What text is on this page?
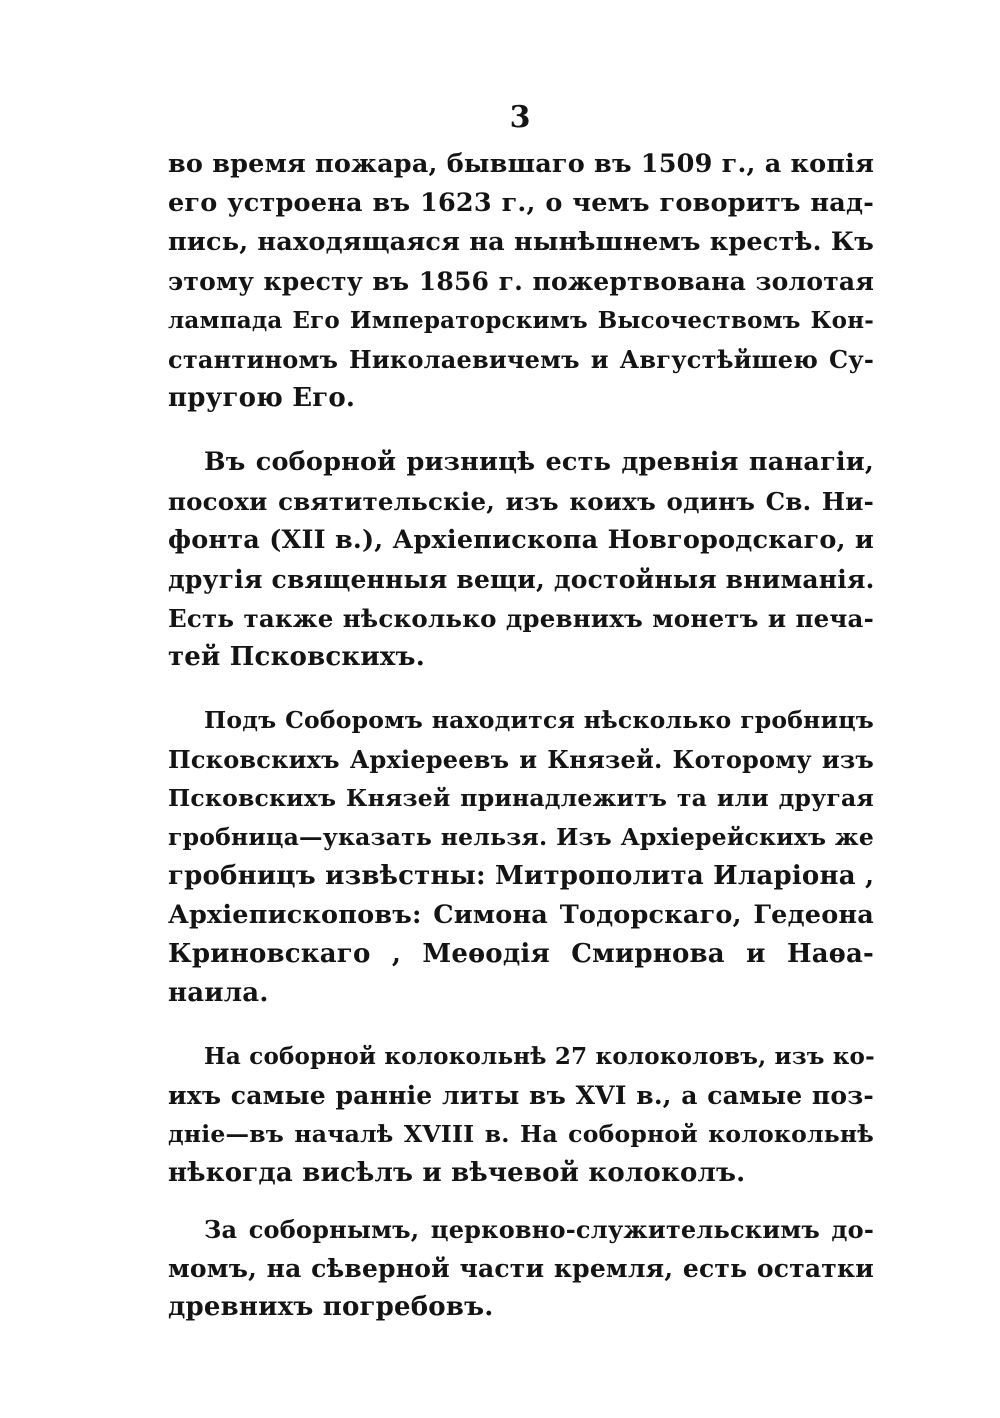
3
во время пожара, бывшаго въ 1509 г., а копія
его устроена въ 1623 г., о чемъ говоритъ над-
пись, находящаяся на нынѣшнемъ крестѣ. Къ
этому кресту въ 1856 г. пожертвована золотая
лампада Его Императорскимъ Высочествомъ Кон-
стантиномъ Николаевичемъ и Августѣйшею Су-
пругою Его.
Въ соборной ризницѣ есть древнія панагіи,
посохи святительскіе, изъ коихъ одинъ Св. Ни-
фонта (XII в.), Архіепископа Новгородскаго, и
другія священныя вещи, достойныя вниманія.
Есть также нѣсколько древнихъ монетъ и печа-
тей Псковскихъ.
Подъ Соборомъ находится нѣсколько гробницъ
Псковскихъ Архіереевъ и Князей. Которому изъ
Псковскихъ Князей принадлежитъ та или другая
гробница—указать нельзя. Изъ Архіерейскихъ же
гробницъ извѣстны: Митрополита Иларіона ,
Архіепископовъ: Симона Тодорскаго, Гедеона
Криновскаго , Меѳодія Смирнова и Наѳа-
наила.
На соборной колокольнѣ 27 колоколовъ, изъ ко-
ихъ самые ранніе литы въ XVI в., а самые поз-
дніе—въ началѣ XVIII в. На соборной колокольнѣ
нѣкогда висѣлъ и вѣчевой колоколъ.
За соборнымъ, церковно-служительскимъ до-
момъ, на сѣверной части кремля, есть остатки
древнихъ погребовъ.
